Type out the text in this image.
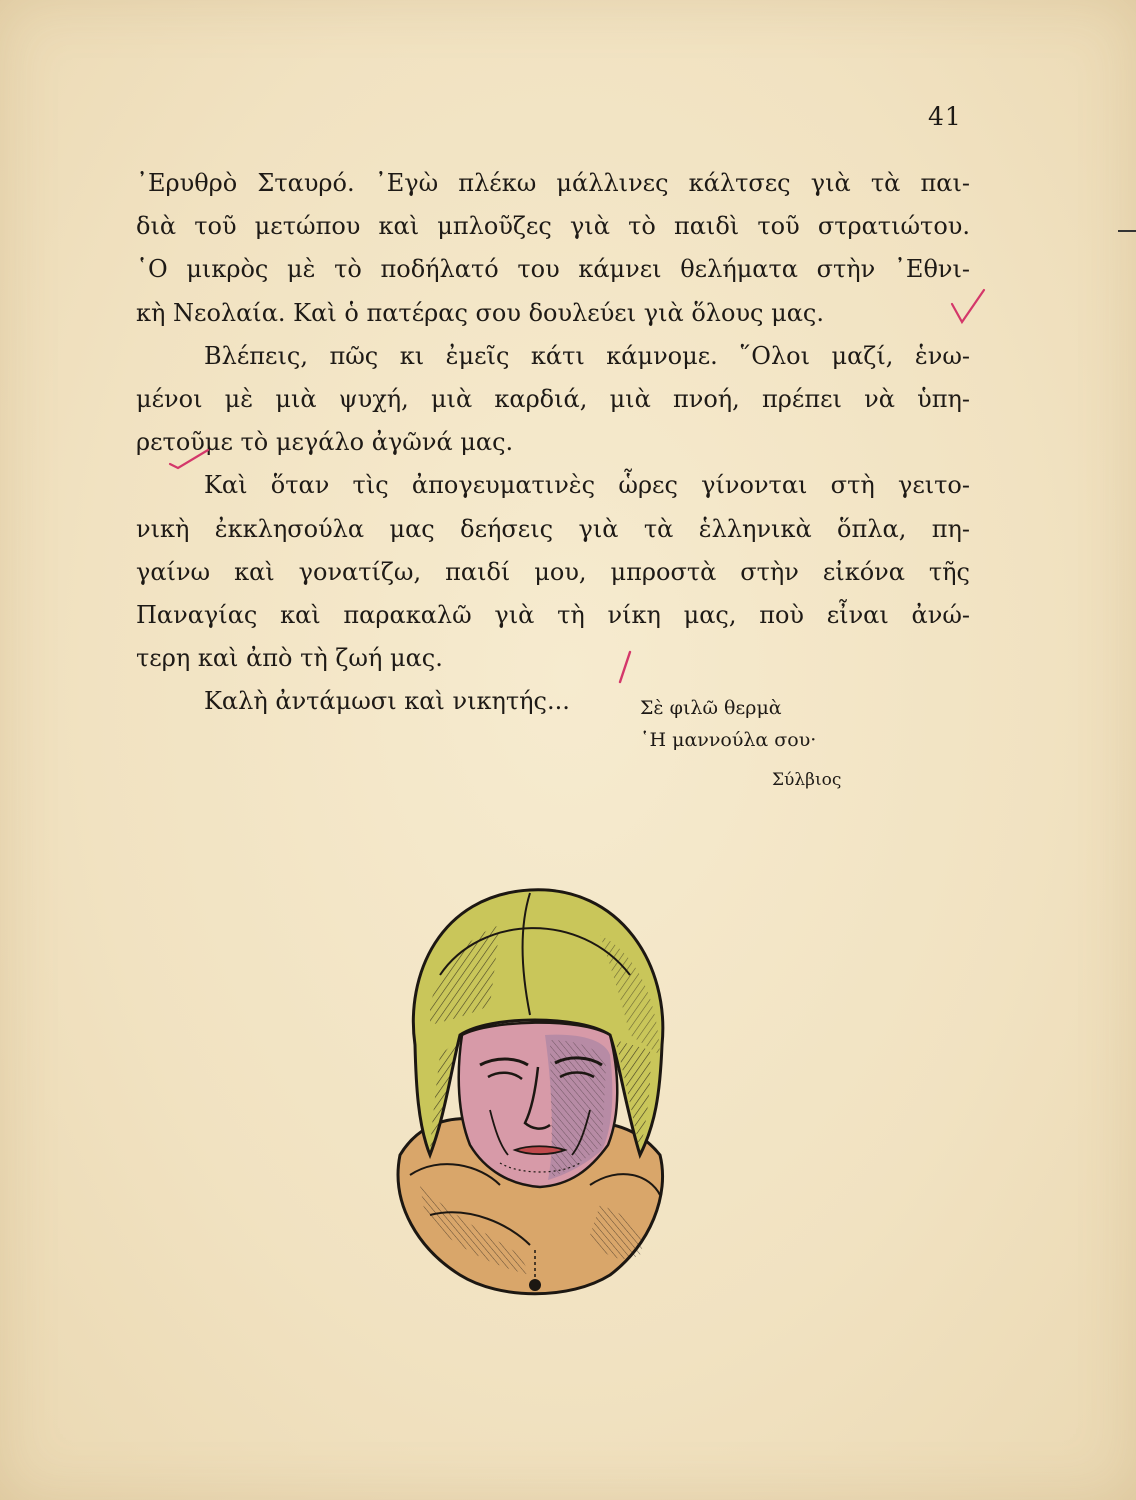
41
᾿Ερυθρὸ Σταυρό. ᾿Εγὼ πλέκω μάλλινες κάλτσες γιὰ τὰ παι-
διὰ τοῦ μετώπου καὶ μπλοῦζες γιὰ τὸ παιδὶ τοῦ στρατιώτου.
῾Ο μικρὸς μὲ τὸ ποδήλατό του κάμνει θελήματα στὴν ᾿Εθνι-
κὴ Νεολαία. Καὶ ὁ πατέρας σου δουλεύει γιὰ ὅλους μας.
Βλέπεις, πῶς κι ἐμεῖς κάτι κάμνομε. ῞Ολοι μαζί, ἑνω-
μένοι μὲ μιὰ ψυχή, μιὰ καρδιά, μιὰ πνοή, πρέπει νὰ ὑπη-
ρετοῦμε τὸ μεγάλο ἀγῶνά μας.
Καὶ ὅταν τὶς ἀπογευματινὲς ὧρες γίνονται στὴ γειτο-
νικὴ ἐκκλησούλα μας δεήσεις γιὰ τὰ ἑλληνικὰ ὅπλα, πη-
γαίνω καὶ γονατίζω, παιδί μου, μπροστὰ στὴν εἰκόνα τῆς
Παναγίας καὶ παρακαλῶ γιὰ τὴ νίκη μας, ποὺ εἶναι ἀνώ-
τερη καὶ ἀπὸ τὴ ζωή μας.
Καλὴ ἀντάμωσι καὶ νικητής...	Σὲ φιλῶ θερμὰ
῾Η μαννούλα σου·
Σύλβιος
